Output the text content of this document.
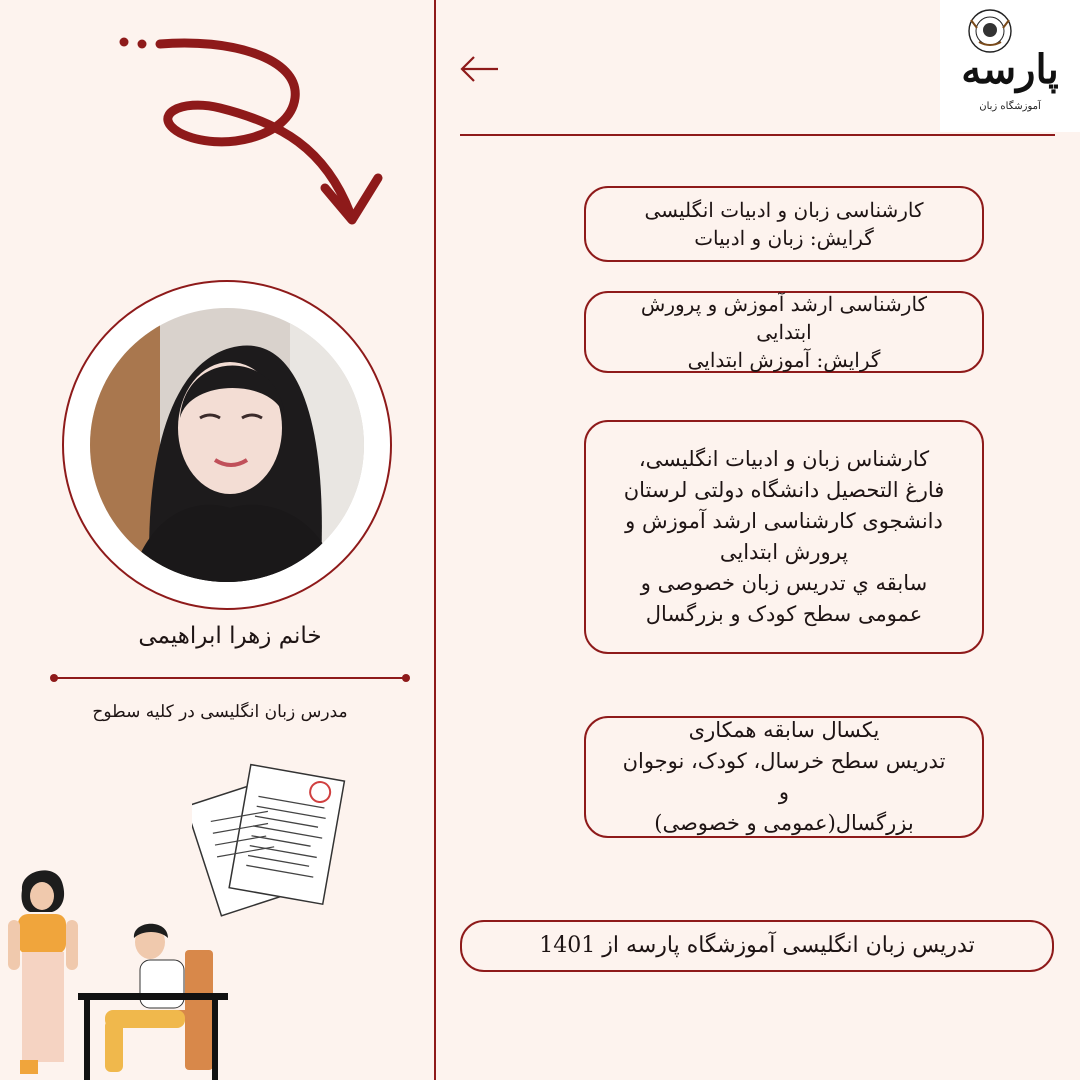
پارسه
آموزشگاه زبان
کارشناسی زبان و ادبیات انگلیسی
گرایش: زبان و ادبیات
کارشناسی ارشد آموزش و پرورش ابتدایی
گرایش: آموزش ابتدایی
کارشناس زبان و ادبیات انگلیسی،
فارغ التحصیل دانشگاه دولتی لرستان
دانشجوی کارشناسی ارشد آموزش و
پرورش ابتدایی
سابقه ي تدریس زبان خصوصی و
عمومی سطح کودک و بزرگسال
یکسال سابقه همکاری
تدریس سطح خرسال، کودک، نوجوان و
بزرگسال(عمومی و خصوصی)
تدریس زبان انگلیسی آموزشگاه پارسه از 1401
خانم زهرا ابراهیمی
مدرس زبان انگلیسی در کلیه سطوح
